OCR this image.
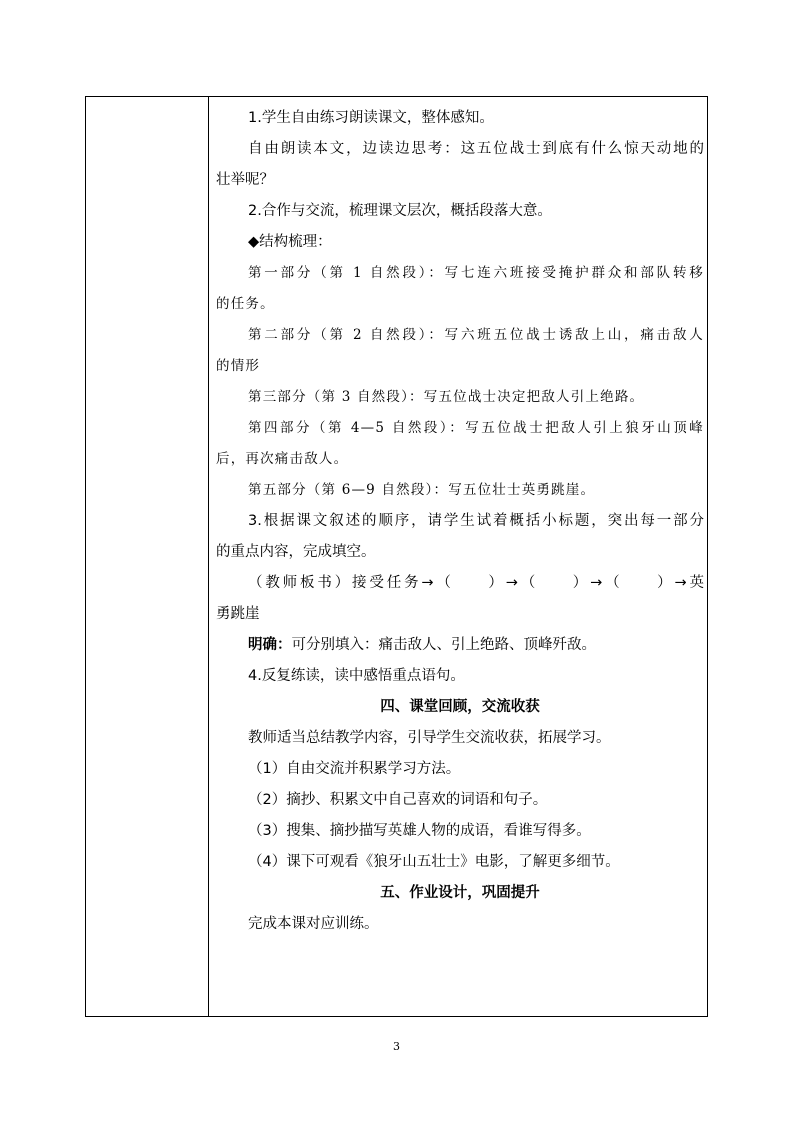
1.学生自由练习朗读课文，整体感知。
自由朗读本文，边读边思考：这五位战士到底有什么惊天动地的
壮举呢？
2.合作与交流，梳理课文层次，概括段落大意。
◆结构梳理：
第一部分（第 1 自然段）：写七连六班接受掩护群众和部队转移
的任务。
第二部分（第 2 自然段）：写六班五位战士诱敌上山，痛击敌人
的情形
第三部分（第 3 自然段）：写五位战士决定把敌人引上绝路。
第四部分（第 4—5 自然段）：写五位战士把敌人引上狼牙山顶峰
后，再次痛击敌人。
第五部分（第 6—9 自然段）：写五位壮士英勇跳崖。
3.根据课文叙述的顺序，请学生试着概括小标题，突出每一部分
的重点内容，完成填空。
（教师板书）接受任务→（　　）→（　　）→（　　）→英
勇跳崖
明确：可分别填入：痛击敌人、引上绝路、顶峰歼敌。
4.反复练读，读中感悟重点语句。
四、课堂回顾，交流收获
教师适当总结教学内容，引导学生交流收获，拓展学习。
（1）自由交流并积累学习方法。
（2）摘抄、积累文中自己喜欢的词语和句子。
（3）搜集、摘抄描写英雄人物的成语，看谁写得多。
（4）课下可观看《狼牙山五壮士》电影，了解更多细节。
五、作业设计，巩固提升
完成本课对应训练。
3
